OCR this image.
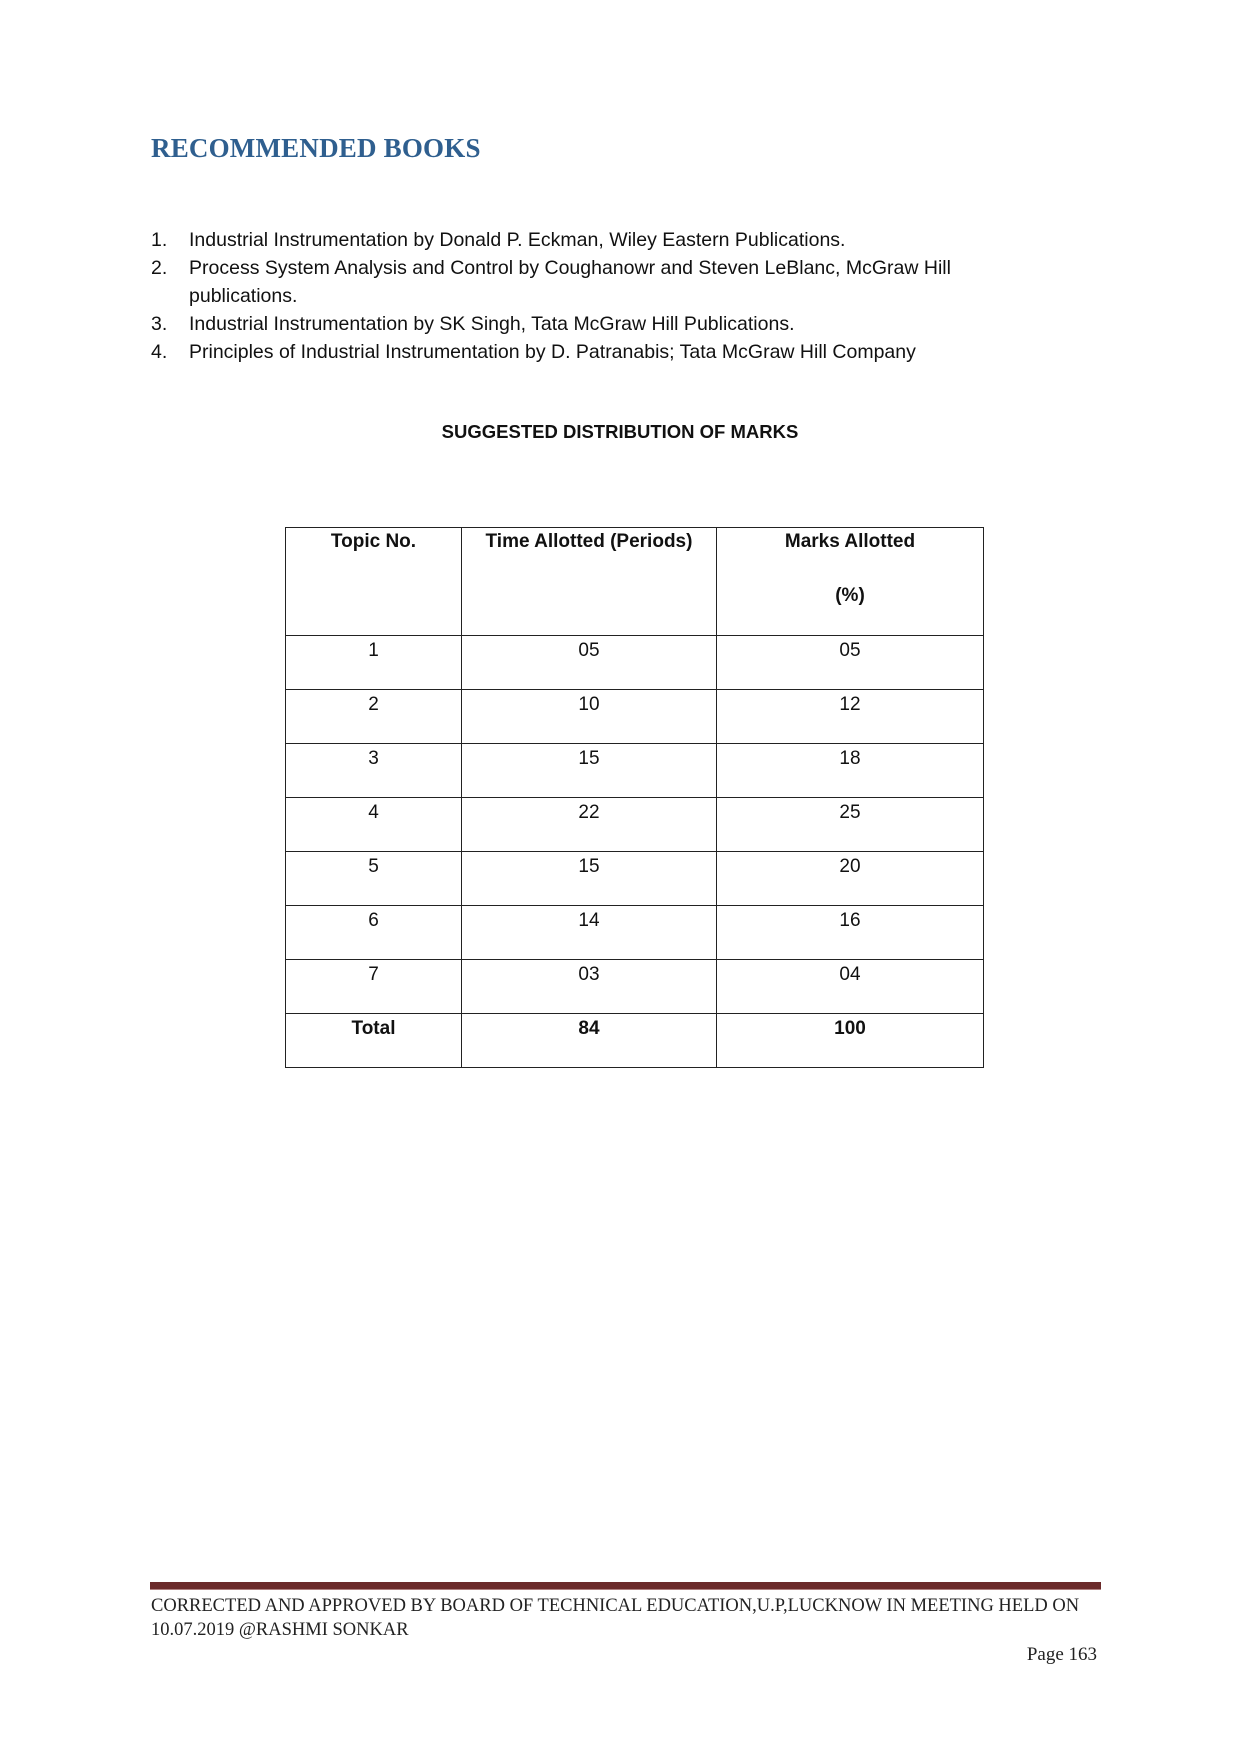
RECOMMENDED BOOKS
1.	Industrial Instrumentation by Donald P. Eckman, Wiley Eastern Publications.
2.	Process System Analysis and Control by Coughanowr and Steven LeBlanc, McGraw Hill publications.
3.	Industrial Instrumentation by SK Singh, Tata McGraw Hill Publications.
4.	Principles of Industrial Instrumentation by D. Patranabis; Tata McGraw Hill Company

SUGGESTED DISTRIBUTION OF MARKS

Topic No.	Time Allotted (Periods)	Marks Allotted
(%)

1	05	05
2	10	12
3	15	18
4	22	25
5	15	20
6	14	16
7	03	04
Total	84	100

CORRECTED AND APPROVED BY BOARD OF TECHNICAL EDUCATION,U.P,LUCKNOW IN MEETING HELD ON 10.07.2019 @RASHMI SONKAR

Page 163
